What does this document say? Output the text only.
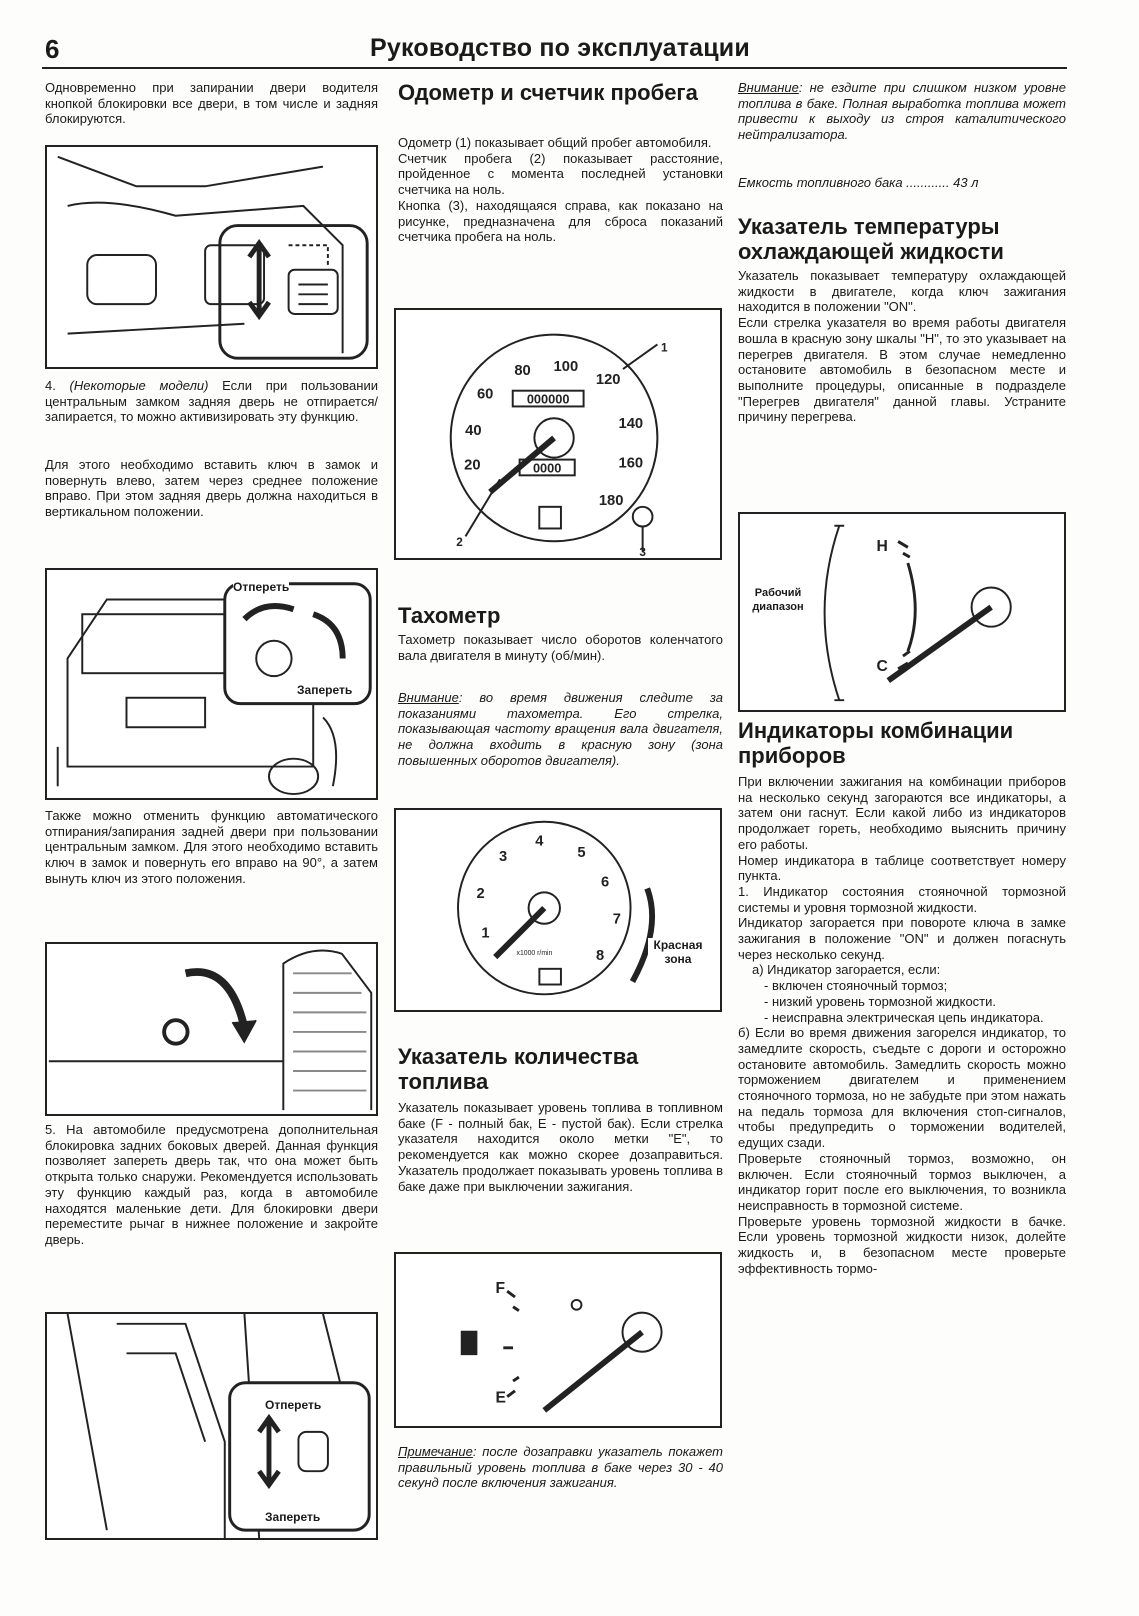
6	Руководство по эксплуатации
Одновременно при запирании двери водителя кнопкой блокировки все двери, в том числе и задняя блокируются.
4. (Некоторые модели) Если при пользовании центральным замком задняя дверь не отпирается/запирается, то можно активизировать эту функцию.
Для этого необходимо вставить ключ в замок и повернуть влево, затем через среднее положение вправо. При этом задняя дверь должна находиться в вертикальном положении.
Отпереть
Запереть
Также можно отменить функцию автоматического отпирания/запирания задней двери при пользовании центральным замком. Для этого необходимо вставить ключ в замок и повернуть его вправо на 90°, а затем вынуть ключ из этого положения.
5. На автомобиле предусмотрена дополнительная блокировка задних боковых дверей. Данная функция позволяет запереть дверь так, что она может быть открыта только снаружи. Рекомендуется использовать эту функцию каждый раз, когда в автомобиле находятся маленькие дети. Для блокировки двери переместите рычаг в нижнее положение и закройте дверь.
Отпереть
Запереть
Одометр и счетчик пробега

Одометр (1) показывает общий пробег автомобиля.

Счетчик пробега (2) показывает расстояние, пройденное с момента последней установки счетчика на ноль.

Кнопка (3), находящаяся справа, как показано на рисунке, предназначена для сброса показаний счетчика пробега на ноль.

20
40
60
80 100
120
140
160
180
000000
0000
1
2
3
Тахометр
Тахометр показывает число оборотов коленчатого вала двигателя в минуту (об/мин).
Внимание: во время движения следите за показаниями тахометра. Его стрелка, показывающая частоту вращения вала двигателя, не должна входить в красную зону (зона повышенных оборотов двигателя).
1
2
3
4
5
6
7
8
x1000 r/min
Красная зона
Указатель количества топлива
Указатель показывает уровень топлива в топливном баке (F - полный бак, E - пустой бак). Если стрелка указателя находится около метки "E", то рекомендуется как можно скорее дозаправиться. Указатель продолжает показывать уровень топлива в баке даже при выключении зажигания.
F
E
Примечание: после дозаправки указатель покажет правильный уровень топлива в баке через 30 - 40 секунд после включения зажигания.
Внимание: не ездите при слишком низком уровне топлива в баке. Полная выработка топлива может привести к выходу из строя каталитического нейтрализатора.
Емкость топливного бака ............ 43 л
Указатель температуры охлаждающей жидкости

Указатель показывает температуру охлаждающей жидкости в двигателе, когда ключ зажигания находится в положении "ON".

Если стрелка указателя во время работы двигателя вошла в красную зону шкалы "H", то это указывает на перегрев двигателя. В этом случае немедленно остановите автомобиль в безопасном месте и выполните процедуры, описанные в подразделе "Перегрев двигателя" данной главы. Устраните причину перегрева.

H
C
Рабочий диапазон
Индикаторы комбинации приборов

При включении зажигания на комбинации приборов на несколько секунд загораются все индикаторы, а затем они гаснут. Если какой либо из индикаторов продолжает гореть, необходимо выяснить причину его работы.

Номер индикатора в таблице соответствует номеру пункта.

1. Индикатор состояния стояночной тормозной системы и уровня тормозной жидкости.

Индикатор загорается при повороте ключа в замке зажигания в положение "ON" и должен погаснуть через несколько секунд.

а) Индикатор загорается, если:

- включен стояночный тормоз;

- низкий уровень тормозной жидкости.

- неисправна электрическая цепь индикатора.

б) Если во время движения загорелся индикатор, то замедлите скорость, съедьте с дороги и осторожно остановите автомобиль. Замедлить скорость можно торможением двигателем и применением стояночного тормоза, но не забудьте при этом нажать на педаль тормоза для включения стоп-сигналов, чтобы предупредить о торможении водителей, едущих сзади.

Проверьте стояночный тормоз, возможно, он включен. Если стояночный тормоз выключен, а индикатор горит после его выключения, то возникла неисправность в тормозной системе.

Проверьте уровень тормозной жидкости в бачке. Если уровень тормозной жидкости низок, долейте жидкость и, в безопасном месте проверьте эффективность тормо-
